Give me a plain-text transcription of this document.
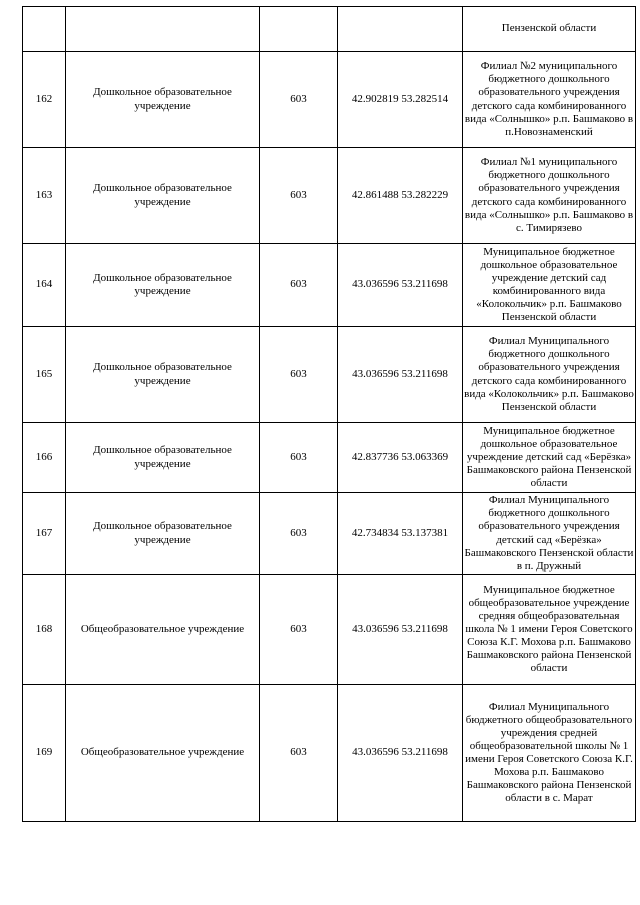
				Пензенской области
162	Дошкольное образовательное учреждение	603	42.902819 53.282514	Филиал №2 муниципального бюджетного дошкольного образовательного учреждения детского сада комбинированного вида «Солнышко» р.п. Башмаково в п.Новознаменский
163	Дошкольное образовательное учреждение	603	42.861488 53.282229	Филиал №1 муниципального бюджетного дошкольного образовательного учреждения детского сада комбинированного вида «Солнышко» р.п. Башмаково в с. Тимирязево
164	Дошкольное образовательное учреждение	603	43.036596 53.211698	Муниципальное бюджетное дошкольное образовательное учреждение детский сад комбинированного вида «Колокольчик» р.п. Башмаково Пензенской области
165	Дошкольное образовательное учреждение	603	43.036596 53.211698	Филиал Муниципального бюджетного дошкольного образовательного учреждения детского сада комбинированного вида «Колокольчик» р.п. Башмаково Пензенской области
166	Дошкольное образовательное учреждение	603	42.837736 53.063369	Муниципальное бюджетное дошкольное образовательное учреждение детский сад «Берёзка» Башмаковского района Пензенской области
167	Дошкольное образовательное учреждение	603	42.734834 53.137381	Филиал Муниципального бюджетного дошкольного образовательного учреждения детский сад «Берёзка» Башмаковского Пензенской области в п. Дружный
168	Общеобразовательное учреждение	603	43.036596 53.211698	Муниципальное бюджетное общеобразовательное учреждение средняя общеобразовательная школа № 1 имени Героя Советского Союза К.Г. Мохова р.п. Башмаково Башмаковского района Пензенской области
169	Общеобразовательное учреждение	603	43.036596 53.211698	Филиал Муниципального бюджетного общеобразовательного учреждения средней общеобразовательной школы № 1 имени Героя Советского Союза К.Г. Мохова р.п. Башмаково Башмаковского района Пензенской области в с. Марат
